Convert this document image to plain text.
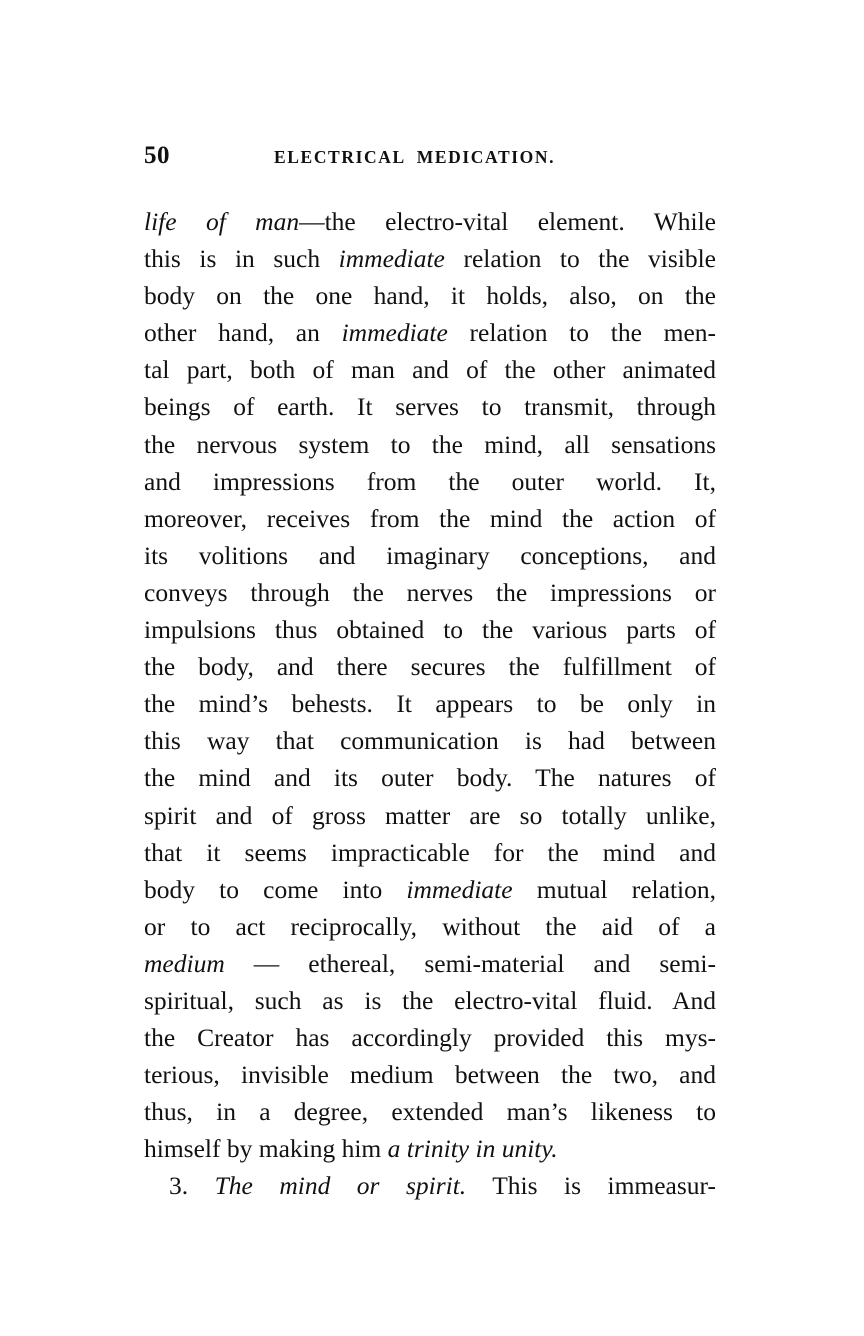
50	ELECTRICAL MEDICATION.
life of man—the electro-vital element. While
this is in such immediate relation to the visible
body on the one hand, it holds, also, on the
other hand, an immediate relation to the men-
tal part, both of man and of the other animated
beings of earth. It serves to transmit, through
the nervous system to the mind, all sensations
and impressions from the outer world. It,
moreover, receives from the mind the action of
its volitions and imaginary conceptions, and
conveys through the nerves the impressions or
impulsions thus obtained to the various parts of
the body, and there secures the fulfillment of
the mind’s behests. It appears to be only in
this way that communication is had between
the mind and its outer body. The natures of
spirit and of gross matter are so totally unlike,
that it seems impracticable for the mind and
body to come into immediate mutual relation,
or to act reciprocally, without the aid of a
medium — ethereal, semi-material and semi-
spiritual, such as is the electro-vital fluid. And
the Creator has accordingly provided this mys-
terious, invisible medium between the two, and
thus, in a degree, extended man’s likeness to
himself by making him a trinity in unity.
3. The mind or spirit. This is immeasur-
